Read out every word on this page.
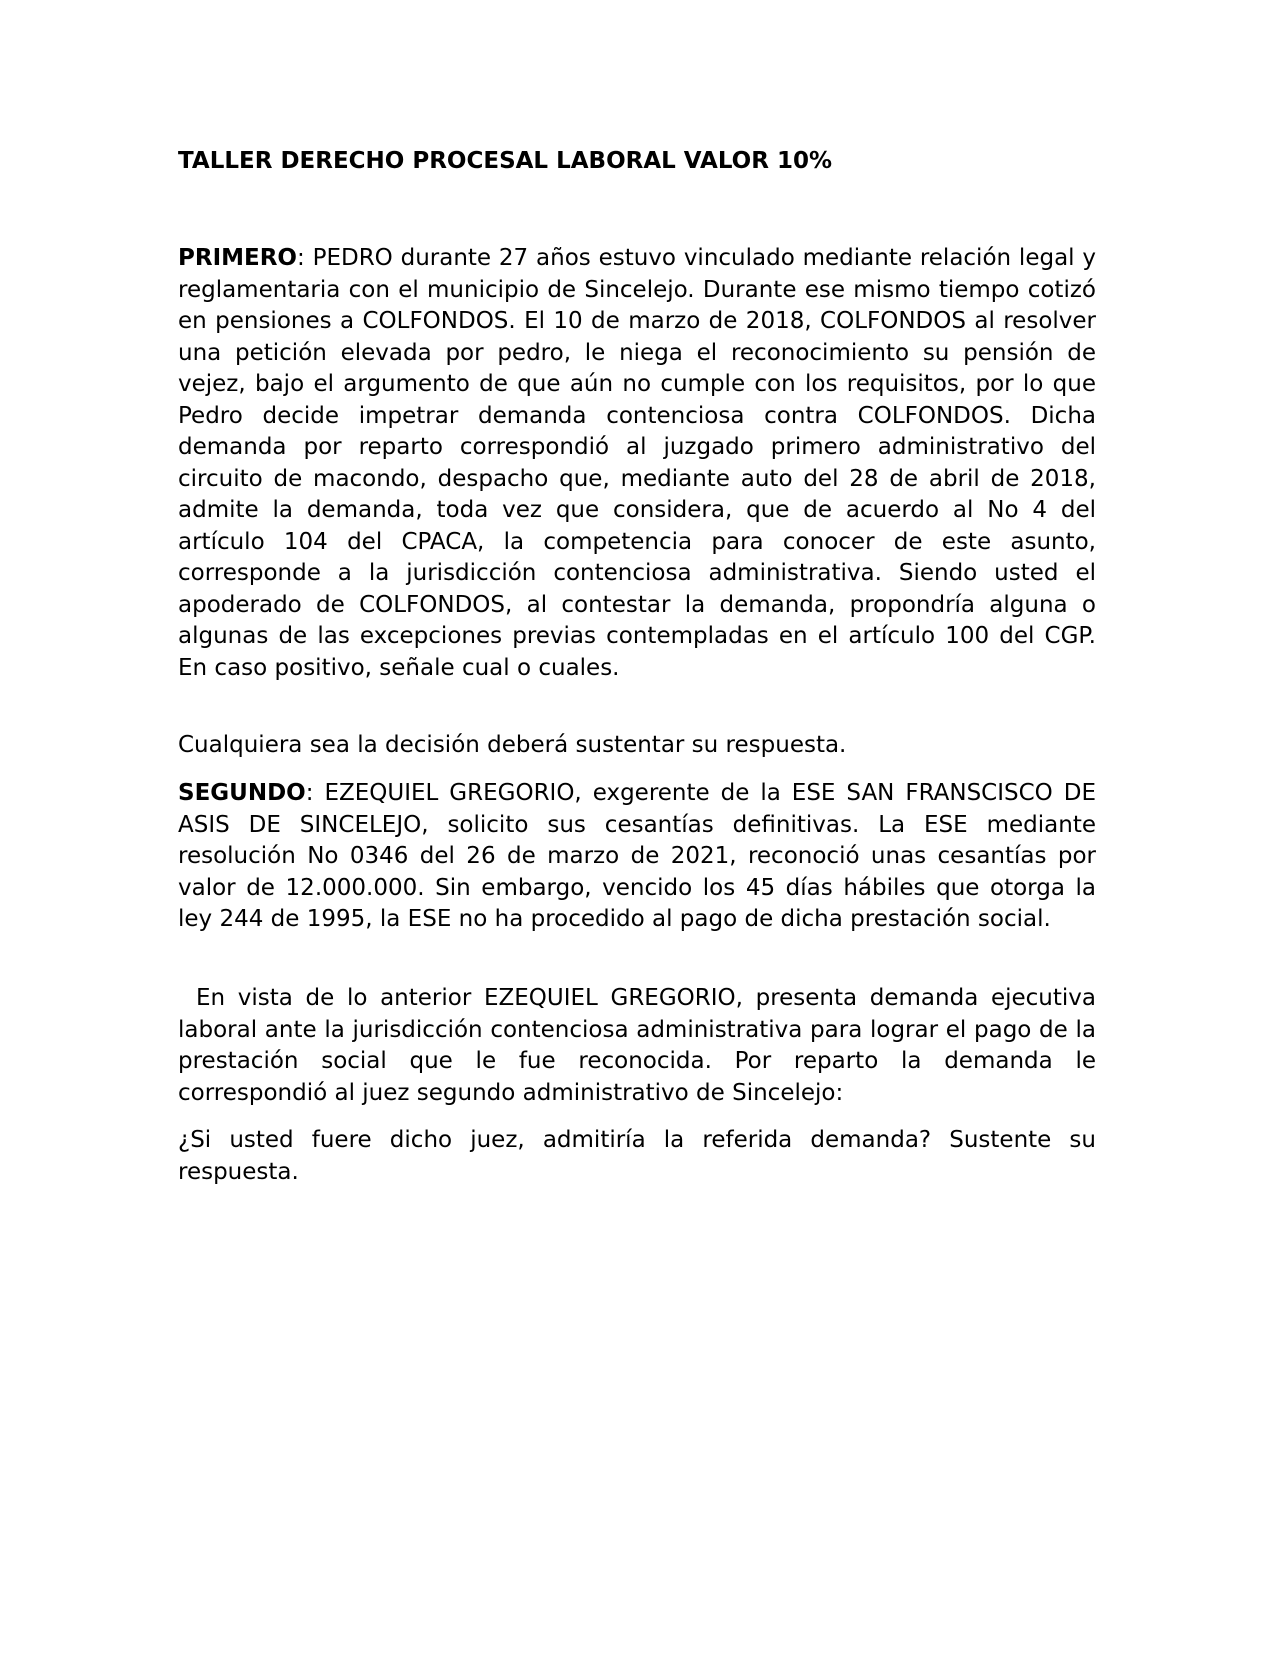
TALLER DERECHO PROCESAL LABORAL VALOR 10%

PRIMERO: PEDRO durante 27 años estuvo vinculado mediante relación legal y reglamentaria con el municipio de Sincelejo. Durante ese mismo tiempo cotizó en pensiones a COLFONDOS. El 10 de marzo de 2018, COLFONDOS al resolver una petición elevada por pedro, le niega el reconocimiento su pensión de vejez, bajo el argumento de que aún no cumple con los requisitos, por lo que Pedro decide impetrar demanda contenciosa contra COLFONDOS. Dicha demanda por reparto correspondió al juzgado primero administrativo del circuito de macondo, despacho que, mediante auto del 28 de abril de 2018, admite la demanda, toda vez que considera, que de acuerdo al No 4 del artículo 104 del CPACA, la competencia para conocer de este asunto, corresponde a la jurisdicción contenciosa administrativa. Siendo usted el apoderado de COLFONDOS, al contestar la demanda, propondría alguna o algunas de las excepciones previas contempladas en el artículo 100 del CGP. En caso positivo, señale cual o cuales.

Cualquiera sea la decisión deberá sustentar su respuesta.

SEGUNDO: EZEQUIEL GREGORIO, exgerente de la ESE SAN FRANSCISCO DE ASIS DE SINCELEJO, solicito sus cesantías definitivas. La ESE mediante resolución No 0346 del 26 de marzo de 2021, reconoció unas cesantías por valor de 12.000.000. Sin embargo, vencido los 45 días hábiles que otorga la ley 244 de 1995, la ESE no ha procedido al pago de dicha prestación social.

En vista de lo anterior EZEQUIEL GREGORIO, presenta demanda ejecutiva laboral ante la jurisdicción contenciosa administrativa para lograr el pago de la prestación social que le fue reconocida. Por reparto la demanda le correspondió al juez segundo administrativo de Sincelejo:

¿Si usted fuere dicho juez, admitiría la referida demanda? Sustente su respuesta.
